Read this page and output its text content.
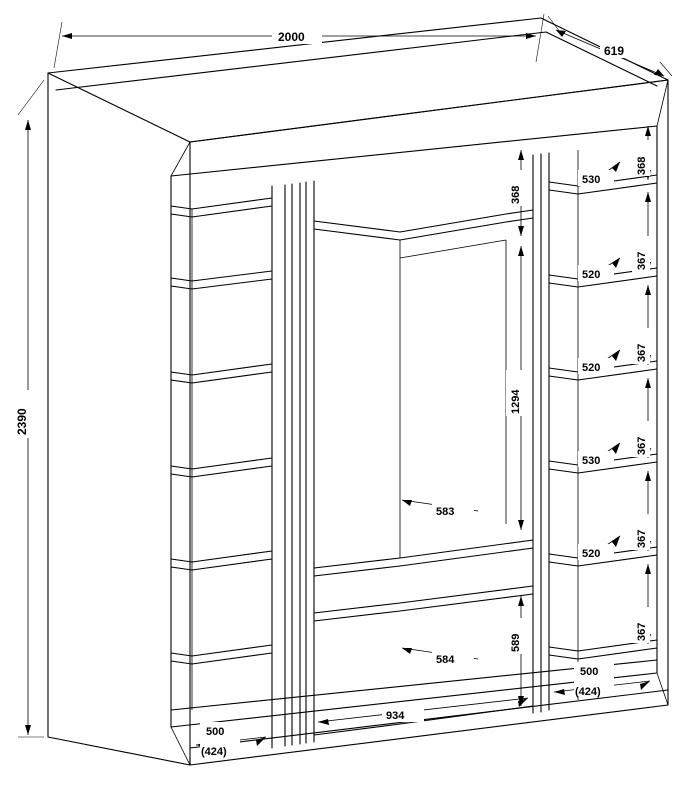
2000
619
2390
368
1294
583
584
589
934
500
(424)
500
(424)
368
367
367
367
367
367
530
520
520
530
520
